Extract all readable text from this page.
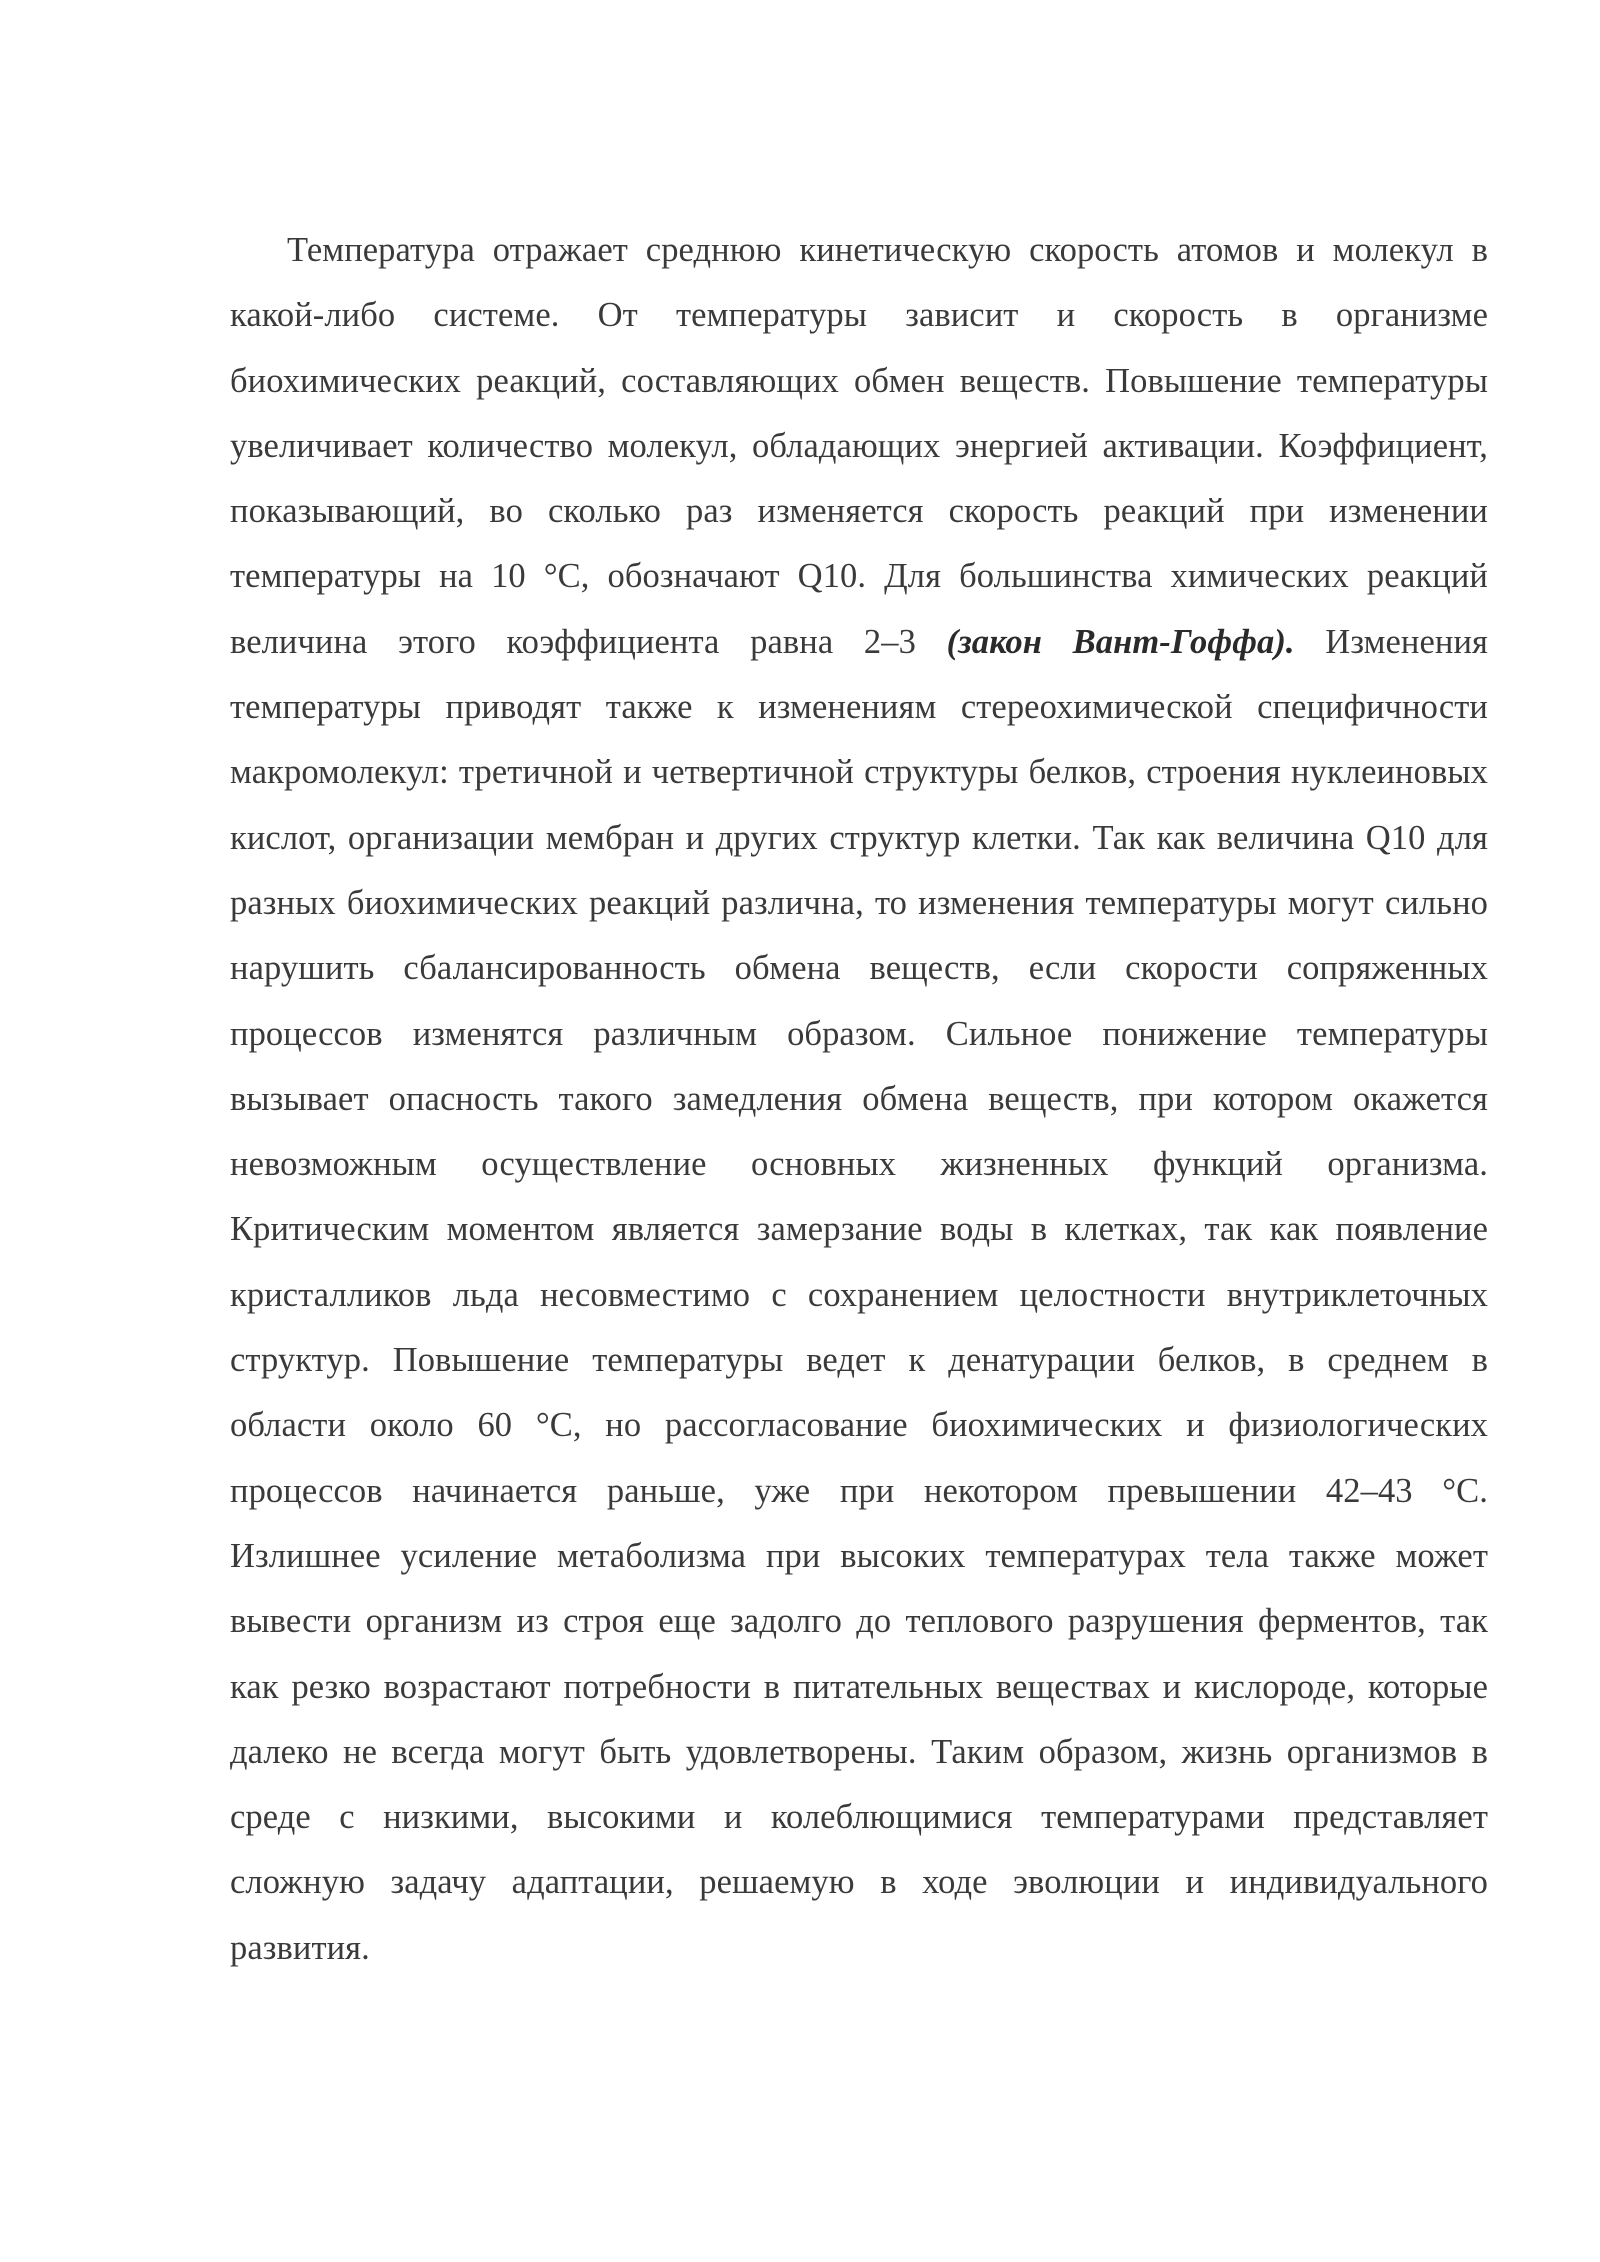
Температура отражает среднюю кинетическую скорость атомов и молекул в какой-либо системе. От температуры зависит и скорость в организме биохимических реакций, составляющих обмен веществ. Повышение температуры увеличивает количество молекул, обладающих энергией активации. Коэффициент, показывающий, во сколько раз изменяется скорость реакций при изменении температуры на 10 °С, обозначают Q10. Для большинства химических реакций величина этого коэффициента равна 2–3 (закон Вант-Гоффа). Изменения температуры приводят также к изменениям стереохимической специфичности макромолекул: третичной и четвертичной структуры белков, строения нуклеиновых кислот, организации мембран и других структур клетки. Так как величина Q10 для разных биохимических реакций различна, то изменения температуры могут сильно нарушить сбалансированность обмена веществ, если скорости сопряженных процессов изменятся различным образом. Сильное понижение температуры вызывает опасность такого замедления обмена веществ, при котором окажется невозможным осуществление основных жизненных функций организма. Критическим моментом является замерзание воды в клетках, так как появление кристалликов льда несовместимо с сохранением целостности внутриклеточных структур. Повышение температуры ведет к денатурации белков, в среднем в области около 60 °С, но рассогласование биохимических и физиологических процессов начинается раньше, уже при некотором превышении 42–43 °С. Излишнее усиление метаболизма при высоких температурах тела также может вывести организм из строя еще задолго до теплового разрушения ферментов, так как резко возрастают потребности в питательных веществах и кислороде, которые далеко не всегда могут быть удовлетворены. Таким образом, жизнь организмов в среде с низкими, высокими и колеблющимися температурами представляет сложную задачу адаптации, решаемую в ходе эволюции и индивидуального развития.
